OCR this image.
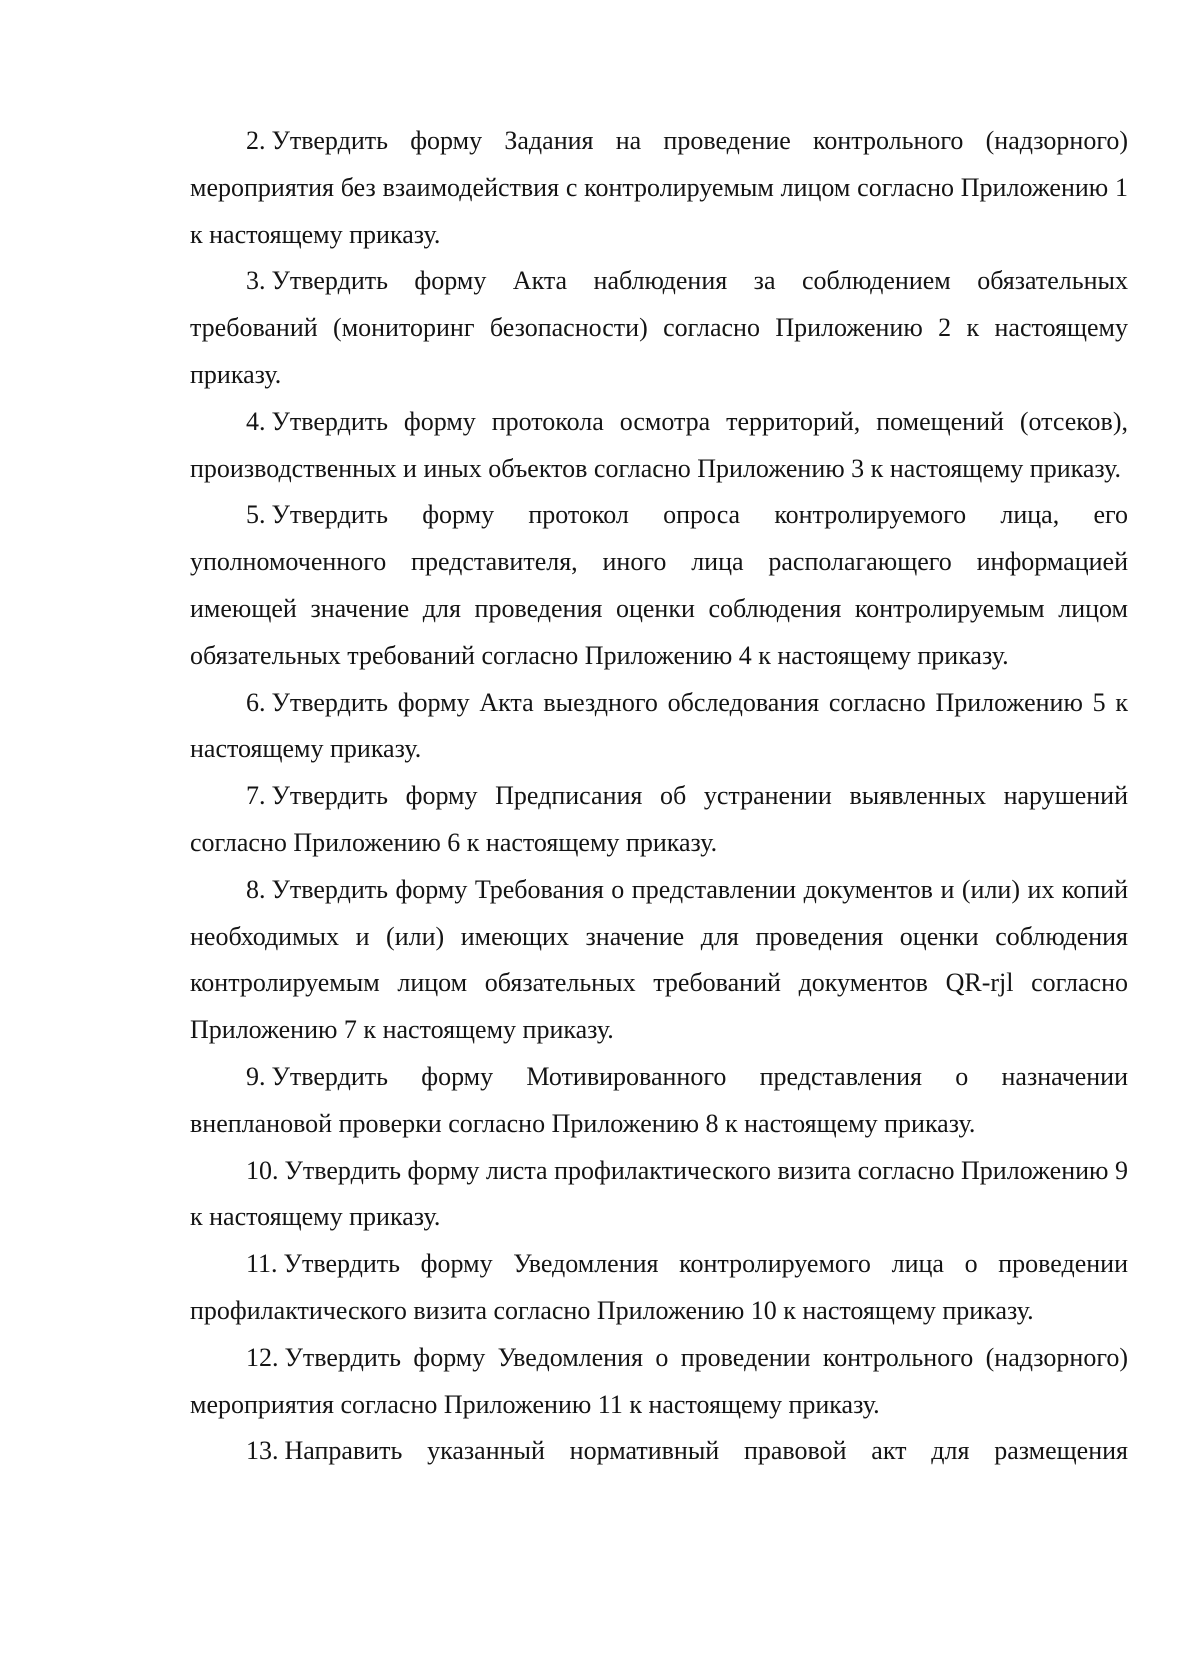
2. Утвердить форму Задания на проведение контрольного (надзорного) мероприятия без взаимодействия с контролируемым лицом согласно Приложению 1 к настоящему приказу.

3. Утвердить форму Акта наблюдения за соблюдением обязательных требований (мониторинг безопасности) согласно Приложению 2 к настоящему приказу.

4. Утвердить форму протокола осмотра территорий, помещений (отсеков), производственных и иных объектов согласно Приложению 3 к настоящему приказу.

5. Утвердить форму протокол опроса контролируемого лица, его уполномоченного представителя, иного лица располагающего информацией имеющей значение для проведения оценки соблюдения контролируемым лицом обязательных требований согласно Приложению 4 к настоящему приказу.

6. Утвердить форму Акта выездного обследования согласно Приложению 5 к настоящему приказу.

7. Утвердить форму Предписания об устранении выявленных нарушений согласно Приложению 6 к настоящему приказу.

8. Утвердить форму Требования о представлении документов и (или) их копий необходимых и (или) имеющих значение для проведения оценки соблюдения контролируемым лицом обязательных требований документов QR-rjl согласно Приложению 7 к настоящему приказу.

9. Утвердить форму Мотивированного представления о назначении внеплановой проверки согласно Приложению 8 к настоящему приказу.

10. Утвердить форму листа профилактического визита согласно Приложению 9 к настоящему приказу.

11. Утвердить форму Уведомления контролируемого лица о проведении профилактического визита согласно Приложению 10 к настоящему приказу.

12. Утвердить форму Уведомления о проведении контрольного (надзорного) мероприятия согласно Приложению 11 к настоящему приказу.

13. Направить указанный нормативный правовой акт для размещения
